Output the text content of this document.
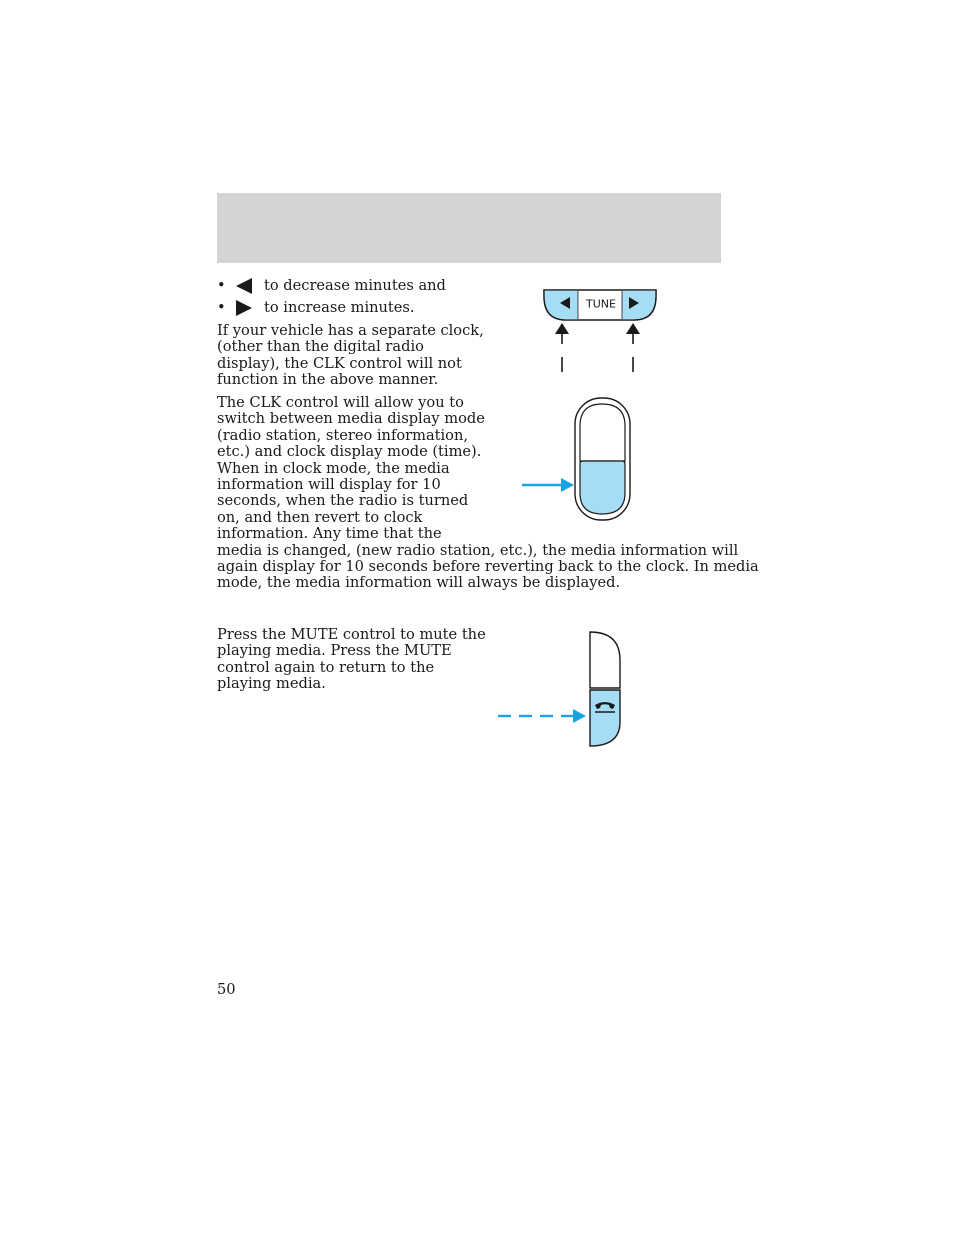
•	to decrease minutes and
•	to increase minutes.
If your vehicle has a separate clock,
(other than the digital radio
display), the CLK control will not
function in the above manner.
The CLK control will allow you to
switch between media display mode
(radio station, stereo information,
etc.) and clock display mode (time).
When in clock mode, the media
information will display for 10
seconds, when the radio is turned
on, and then revert to clock
information. Any time that the
media is changed, (new radio station, etc.), the media information will
again display for 10 seconds before reverting back to the clock. In media
mode, the media information will always be displayed.
Press the MUTE control to mute the
playing media. Press the MUTE
control again to return to the
playing media.
TUNE
50
